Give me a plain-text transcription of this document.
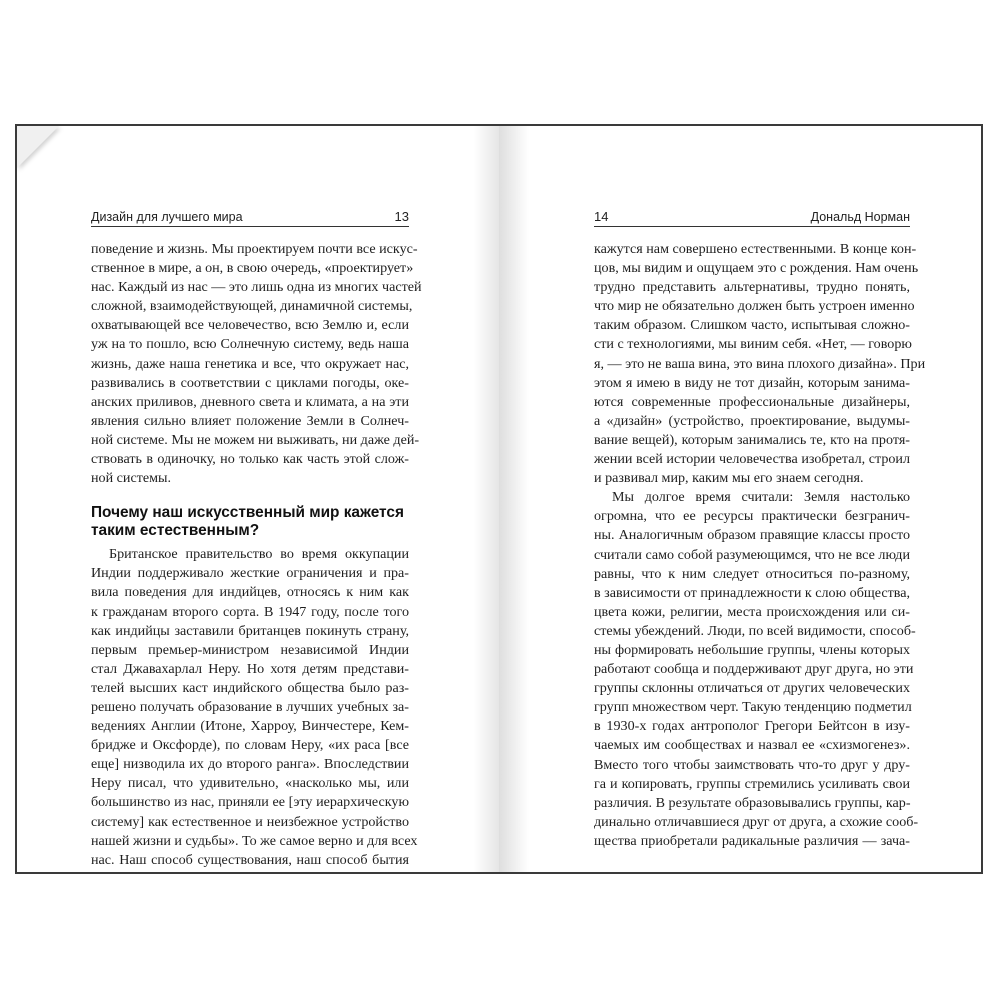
Дизайн для лучшего мира	13
поведение и жизнь. Мы проектируем почти все искус-
ственное в мире, а он, в свою очередь, «проектирует»
нас. Каждый из нас — это лишь одна из многих частей
сложной, взаимодействующей, динамичной системы,
охватывающей все человечество, всю Землю и, если
уж на то пошло, всю Солнечную систему, ведь наша
жизнь, даже наша генетика и все, что окружает нас,
развивались в соответствии с циклами погоды, оке-
анских приливов, дневного света и климата, а на эти
явления сильно влияет положение Земли в Солнеч-
ной системе. Мы не можем ни выживать, ни даже дей-
ствовать в одиночку, но только как часть этой слож-
ной системы.
Почему наш искусственный мир кажется
таким естественным?
Британское правительство во время оккупации
Индии поддерживало жесткие ограничения и пра-
вила поведения для индийцев, относясь к ним как
к гражданам второго сорта. В 1947 году, после того
как индийцы заставили британцев покинуть страну,
первым премьер-министром независимой Индии
стал Джавахарлал Неру. Но хотя детям представи-
телей высших каст индийского общества было раз-
решено получать образование в лучших учебных за-
ведениях Англии (Итоне, Харроу, Винчестере, Кем-
бридже и Оксфорде), по словам Неру, «их раса [все
еще] низводила их до второго ранга». Впоследствии
Неру писал, что удивительно, «насколько мы, или
большинство из нас, приняли ее [эту иерархическую
систему] как естественное и неизбежное устройство
нашей жизни и судьбы». То же самое верно и для всех
нас. Наш способ существования, наш способ бытия
14	Дональд Норман
кажутся нам совершено естественными. В конце кон-
цов, мы видим и ощущаем это с рождения. Нам очень
трудно представить альтернативы, трудно понять,
что мир не обязательно должен быть устроен именно
таким образом. Слишком часто, испытывая сложно-
сти с технологиями, мы виним себя. «Нет, — говорю
я, — это не ваша вина, это вина плохого дизайна». При
этом я имею в виду не тот дизайн, которым занима-
ются современные профессиональные дизайнеры,
а «дизайн» (устройство, проектирование, выдумы-
вание вещей), которым занимались те, кто на протя-
жении всей истории человечества изобретал, строил
и развивал мир, каким мы его знаем сегодня.
Мы долгое время считали: Земля настолько
огромна, что ее ресурсы практически безгранич-
ны. Аналогичным образом правящие классы просто
считали само собой разумеющимся, что не все люди
равны, что к ним следует относиться по-разному,
в зависимости от принадлежности к слою общества,
цвета кожи, религии, места происхождения или си-
стемы убеждений. Люди, по всей видимости, способ-
ны формировать небольшие группы, члены которых
работают сообща и поддерживают друг друга, но эти
группы склонны отличаться от других человеческих
групп множеством черт. Такую тенденцию подметил
в 1930-х годах антрополог Грегори Бейтсон в изу-
чаемых им сообществах и назвал ее «схизмогенез».
Вместо того чтобы заимствовать что-то друг у дру-
га и копировать, группы стремились усиливать свои
различия. В результате образовывались группы, кар-
динально отличавшиеся друг от друга, а схожие сооб-
щества приобретали радикальные различия — зача-
